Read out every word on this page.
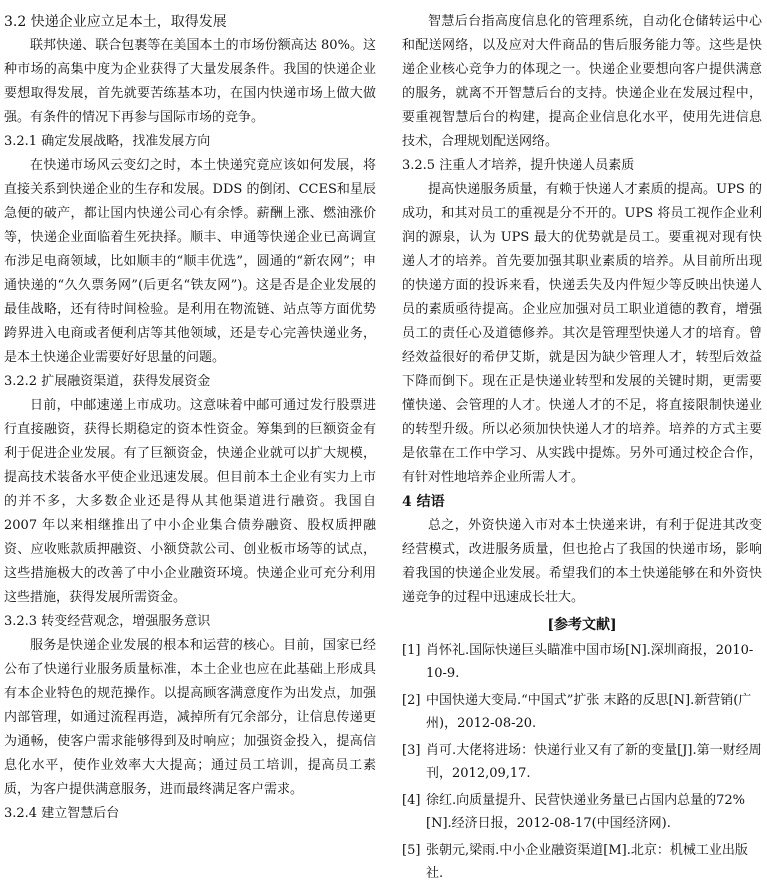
3.2 快递企业应立足本土，取得发展

联邦快递、联合包裹等在美国本土的市场份额高达 80%。这种市场的高集中度为企业获得了大量发展条件。我国的快递企业要想取得发展，首先就要苦练基本功，在国内快递市场上做大做强。有条件的情况下再参与国际市场的竞争。

3.2.1 确定发展战略，找准发展方向

在快递市场风云变幻之时，本土快递究竟应该如何发展，将直接关系到快递企业的生存和发展。DDS 的倒闭、CCES和星辰急便的破产，都让国内快递公司心有余悸。薪酬上涨、燃油涨价等，快递企业面临着生死抉择。顺丰、申通等快递企业已高调宣布涉足电商领域，比如顺丰的“顺丰优选”，圆通的“新农网”；申通快递的“久久票务网”(后更名“铁友网”)。这是否是企业发展的最佳战略，还有待时间检验。是利用在物流链、站点等方面优势跨界进入电商或者便利店等其他领域，还是专心完善快递业务，是本土快递企业需要好好思量的问题。

3.2.2 扩展融资渠道，获得发展资金

日前，中邮速递上市成功。这意味着中邮可通过发行股票进行直接融资，获得长期稳定的资本性资金。筹集到的巨额资金有利于促进企业发展。有了巨额资金，快递企业就可以扩大规模，提高技术装备水平使企业迅速发展。但目前本土企业有实力上市的并不多，大多数企业还是得从其他渠道进行融资。我国自 2007 年以来相继推出了中小企业集合债券融资、股权质押融资、应收账款质押融资、小额贷款公司、创业板市场等的试点，这些措施极大的改善了中小企业融资环境。快递企业可充分利用这些措施，获得发展所需资金。

3.2.3 转变经营观念，增强服务意识

服务是快递企业发展的根本和运营的核心。目前，国家已经公布了快递行业服务质量标准，本土企业也应在此基础上形成具有本企业特色的规范操作。以提高顾客满意度作为出发点，加强内部管理，如通过流程再造，减掉所有冗余部分，让信息传递更为通畅，使客户需求能够得到及时响应；加强资金投入，提高信息化水平，使作业效率大大提高；通过员工培训，提高员工素质，为客户提供满意服务，进而最终满足客户需求。

3.2.4 建立智慧后台

智慧后台指高度信息化的管理系统，自动化仓储转运中心和配送网络，以及应对大件商品的售后服务能力等。这些是快递企业核心竞争力的体现之一。快递企业要想向客户提供满意的服务，就离不开智慧后台的支持。快递企业在发展过程中，要重视智慧后台的构建，提高企业信息化水平，使用先进信息技术，合理规划配送网络。

3.2.5 注重人才培养，提升快递人员素质

提高快递服务质量，有赖于快递人才素质的提高。UPS 的成功，和其对员工的重视是分不开的。UPS 将员工视作企业利润的源泉，认为 UPS 最大的优势就是员工。要重视对现有快递人才的培养。首先要加强其职业素质的培养。从目前所出现的快递方面的投诉来看，快递丢失及内件短少等反映出快递人员的素质亟待提高。企业应加强对员工职业道德的教育，增强员工的责任心及道德修养。其次是管理型快递人才的培育。曾经效益很好的希伊艾斯，就是因为缺少管理人才，转型后效益下降而倒下。现在正是快递业转型和发展的关键时期，更需要懂快递、会管理的人才。快递人才的不足，将直接限制快递业的转型升级。所以必须加快快递人才的培养。培养的方式主要是依靠在工作中学习、从实践中提炼。另外可通过校企合作，有针对性地培养企业所需人才。

4 结语

总之，外资快递入市对本土快递来讲，有利于促进其改变经营模式，改进服务质量，但也抢占了我国的快递市场，影响着我国的快递企业发展。希望我们的本土快递能够在和外资快递竞争的过程中迅速成长壮大。

[参考文献]
[1] 肖怀礼.国际快递巨头瞄准中国市场[N].深圳商报，2010-10-9.
[2] 中国快递大变局.“中国式”扩张 末路的反思[N].新营销(广州)，2012-08-20.
[3] 肖可.大佬将进场：快递行业又有了新的变量[J].第一财经周刊，2012,09,17.
[4] 徐红.向质量提升、民营快递业务量已占国内总量的72%[N].经济日报，2012-08-17(中国经济网).
[5] 张朝元,梁雨.中小企业融资渠道[M].北京：机械工业出版社.
